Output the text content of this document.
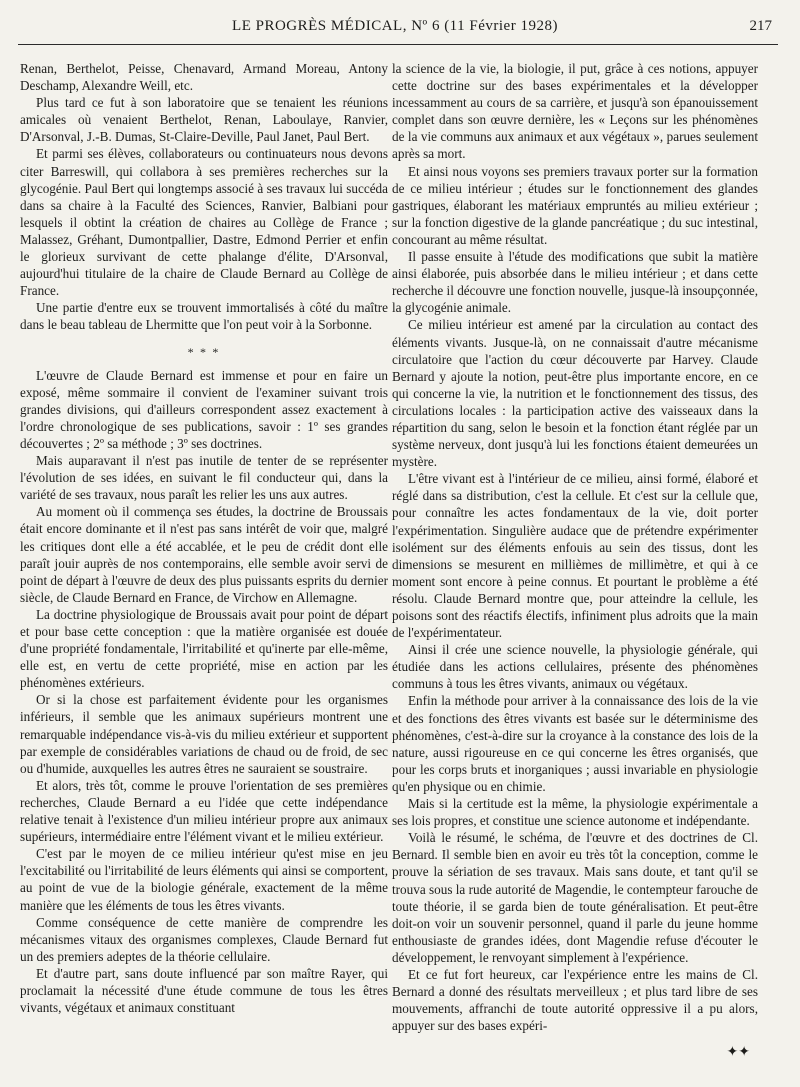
LE PROGRÈS MÉDICAL, Nº 6 (11 Février 1928)	217

Renan, Berthelot, Peisse, Chenavard, Armand Moreau, Antony Deschamp, Alexandre Weill, etc.

Plus tard ce fut à son laboratoire que se tenaient les réunions amicales où venaient Berthelot, Renan, Laboulaye, Ranvier, D'Arsonval, J.-B. Dumas, St-Claire-Deville, Paul Janet, Paul Bert.

Et parmi ses élèves, collaborateurs ou continuateurs nous devons citer Barreswill, qui collabora à ses premières recherches sur la glycogénie. Paul Bert qui longtemps associé à ses travaux lui succéda dans sa chaire à la Faculté des Sciences, Ranvier, Balbiani pour lesquels il obtint la création de chaires au Collège de France ; Malassez, Gréhant, Dumontpallier, Dastre, Edmond Perrier et enfin le glorieux survivant de cette phalange d'élite, D'Arsonval, aujourd'hui titulaire de la chaire de Claude Bernard au Collège de France.

Une partie d'entre eux se trouvent immortalisés à côté du maître dans le beau tableau de Lhermitte que l'on peut voir à la Sorbonne.

* * *

L'œuvre de Claude Bernard est immense et pour en faire un exposé, même sommaire il convient de l'examiner suivant trois grandes divisions, qui d'ailleurs correspondent assez exactement à l'ordre chronologique de ses publications, savoir : 1º ses grandes découvertes ; 2º sa méthode ; 3º ses doctrines.

Mais auparavant il n'est pas inutile de tenter de se représenter l'évolution de ses idées, en suivant le fil conducteur qui, dans la variété de ses travaux, nous paraît les relier les uns aux autres.

Au moment où il commença ses études, la doctrine de Broussais était encore dominante et il n'est pas sans intérêt de voir que, malgré les critiques dont elle a été accablée, et le peu de crédit dont elle paraît jouir auprès de nos contemporains, elle semble avoir servi de point de départ à l'œuvre de deux des plus puissants esprits du dernier siècle, de Claude Bernard en France, de Virchow en Allemagne.

La doctrine physiologique de Broussais avait pour point de départ et pour base cette conception : que la matière organisée est douée d'une propriété fondamentale, l'irritabilité et qu'inerte par elle-même, elle est, en vertu de cette propriété, mise en action par les phénomènes extérieurs.

Or si la chose est parfaitement évidente pour les organismes inférieurs, il semble que les animaux supérieurs montrent une remarquable indépendance vis-à-vis du milieu extérieur et supportent par exemple de considérables variations de chaud ou de froid, de sec ou d'humide, auxquelles les autres êtres ne sauraient se soustraire.

Et alors, très tôt, comme le prouve l'orientation de ses premières recherches, Claude Bernard a eu l'idée que cette indépendance relative tenait à l'existence d'un milieu intérieur propre aux animaux supérieurs, intermédiaire entre l'élément vivant et le milieu extérieur.

C'est par le moyen de ce milieu intérieur qu'est mise en jeu l'excitabilité ou l'irritabilité de leurs éléments qui ainsi se comportent, au point de vue de la biologie générale, exactement de la même manière que les éléments de tous les êtres vivants.

Comme conséquence de cette manière de comprendre les mécanismes vitaux des organismes complexes, Claude Bernard fut un des premiers adeptes de la théorie cellulaire.

Et d'autre part, sans doute influencé par son maître Rayer, qui proclamait la nécessité d'une étude commune de tous les êtres vivants, végétaux et animaux constituant

la science de la vie, la biologie, il put, grâce à ces notions, appuyer cette doctrine sur des bases expérimentales et la développer incessamment au cours de sa carrière, et jusqu'à son épanouissement complet dans son œuvre dernière, les « Leçons sur les phénomènes de la vie communs aux animaux et aux végétaux », parues seulement après sa mort.

Et ainsi nous voyons ses premiers travaux porter sur la formation de ce milieu intérieur ; études sur le fonctionnement des glandes gastriques, élaborant les matériaux empruntés au milieu extérieur ; sur la fonction digestive de la glande pancréatique ; du suc intestinal, concourant au même résultat.

Il passe ensuite à l'étude des modifications que subit la matière ainsi élaborée, puis absorbée dans le milieu intérieur ; et dans cette recherche il découvre une fonction nouvelle, jusque-là insoupçonnée, la glycogénie animale.

Ce milieu intérieur est amené par la circulation au contact des éléments vivants. Jusque-là, on ne connaissait d'autre mécanisme circulatoire que l'action du cœur découverte par Harvey. Claude Bernard y ajoute la notion, peut-être plus importante encore, en ce qui concerne la vie, la nutrition et le fonctionnement des tissus, des circulations locales : la participation active des vaisseaux dans la répartition du sang, selon le besoin et la fonction étant réglée par un système nerveux, dont jusqu'à lui les fonctions étaient demeurées un mystère.

L'être vivant est à l'intérieur de ce milieu, ainsi formé, élaboré et réglé dans sa distribution, c'est la cellule. Et c'est sur la cellule que, pour connaître les actes fondamentaux de la vie, doit porter l'expérimentation. Singulière audace que de prétendre expérimenter isolément sur des éléments enfouis au sein des tissus, dont les dimensions se mesurent en millièmes de millimètre, et qui à ce moment sont encore à peine connus. Et pourtant le problème a été résolu. Claude Bernard montre que, pour atteindre la cellule, les poisons sont des réactifs électifs, infiniment plus adroits que la main de l'expérimentateur.

Ainsi il crée une science nouvelle, la physiologie générale, qui étudiée dans les actions cellulaires, présente des phénomènes communs à tous les êtres vivants, animaux ou végétaux.

Enfin la méthode pour arriver à la connaissance des lois de la vie et des fonctions des êtres vivants est basée sur le déterminisme des phénomènes, c'est-à-dire sur la croyance à la constance des lois de la nature, aussi rigoureuse en ce qui concerne les êtres organisés, que pour les corps bruts et inorganiques ; aussi invariable en physiologie qu'en physique ou en chimie.

Mais si la certitude est la même, la physiologie expérimentale a ses lois propres, et constitue une science autonome et indépendante.

Voilà le résumé, le schéma, de l'œuvre et des doctrines de Cl. Bernard. Il semble bien en avoir eu très tôt la conception, comme le prouve la sériation de ses travaux. Mais sans doute, et tant qu'il se trouva sous la rude autorité de Magendie, le contempteur farouche de toute théorie, il se garda bien de toute généralisation. Et peut-être doit-on voir un souvenir personnel, quand il parle du jeune homme enthousiaste de grandes idées, dont Magendie refuse d'écouter le développement, le renvoyant simplement à l'expérience.

Et ce fut fort heureux, car l'expérience entre les mains de Cl. Bernard a donné des résultats merveilleux ; et plus tard libre de ses mouvements, affranchi de toute autorité oppressive il a pu alors, appuyer sur des bases expéri-

✦✦
